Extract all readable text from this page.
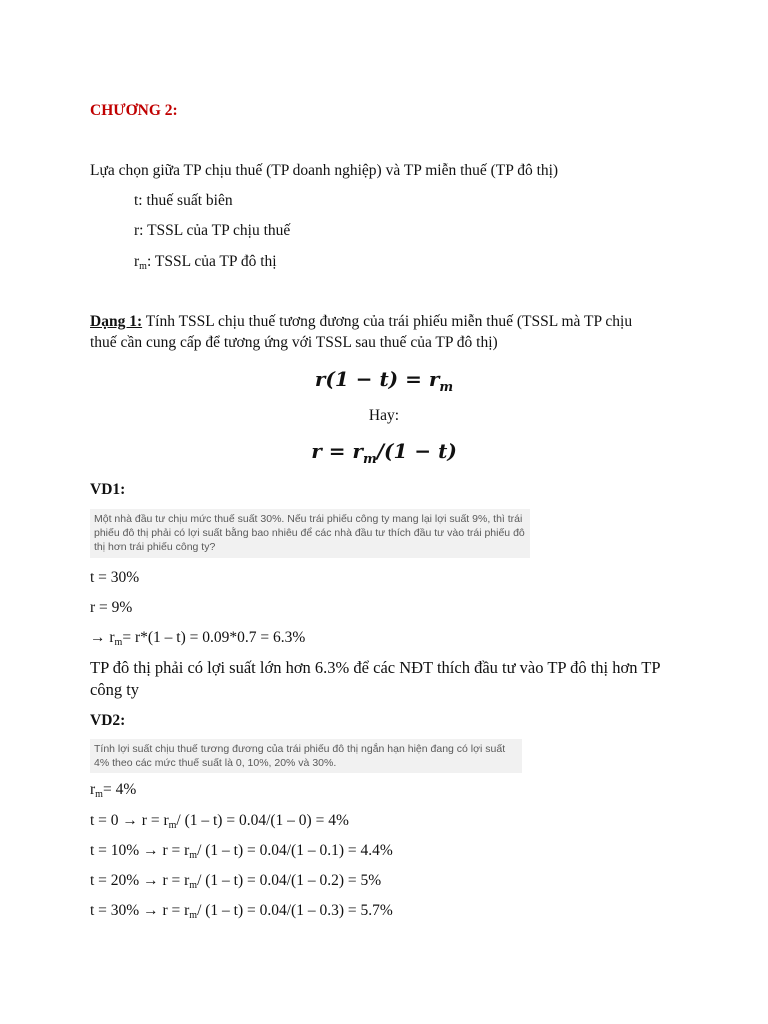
CHƯƠNG 2:
Lựa chọn giữa TP chịu thuế (TP doanh nghiệp) và TP miễn thuế (TP đô thị)
t: thuế suất biên
r: TSSL của TP chịu thuế
$r_m$: TSSL của TP đô thị
Dạng 1: Tính TSSL chịu thuế tương đương của trái phiếu miễn thuế (TSSL mà TP chịu
thuế cần cung cấp để tương ứng với TSSL sau thuế của TP đô thị)
$r(1 - t) = r_m$
Hay:
$r = r_m/(1 - t)$
VD1:
Một nhà đầu tư chịu mức thuế suất 30%. Nếu trái phiếu công ty mang lại lợi suất 9%, thì trái phiếu đô thị phải có lợi suất bằng bao nhiêu để các nhà đầu tư thích đầu tư vào trái phiếu đô thị hơn trái phiếu công ty?
t = 30%
r = 9%
→ $r_m= r*(1 - t) = 0.09*0.7 = 6.3\%$
TP đô thị phải có lợi suất lớn hơn 6.3% để các NĐT thích đầu tư vào TP đô thị hơn TP
công ty
VD2:
Tính lợi suất chịu thuế tương đương của trái phiếu đô thị ngắn hạn hiện đang có lợi suất 4% theo các mức thuế suất là 0, 10%, 20% và 30%.
$r_m= 4\%$
$t = 0 \to r = r_m/$ (1 – t) = 0.04/(1 – 0) = 4%
$t = 10\% \to r = r_m/$ (1 – t) = 0.04/(1 – 0.1) = 4.4%
$t = 20\% \to r = r_m/$ (1 – t) = 0.04/(1 – 0.2) = 5%
$t = 30\% \to r = r_m/$ (1 – t) = 0.04/(1 – 0.3) = 5.7%
